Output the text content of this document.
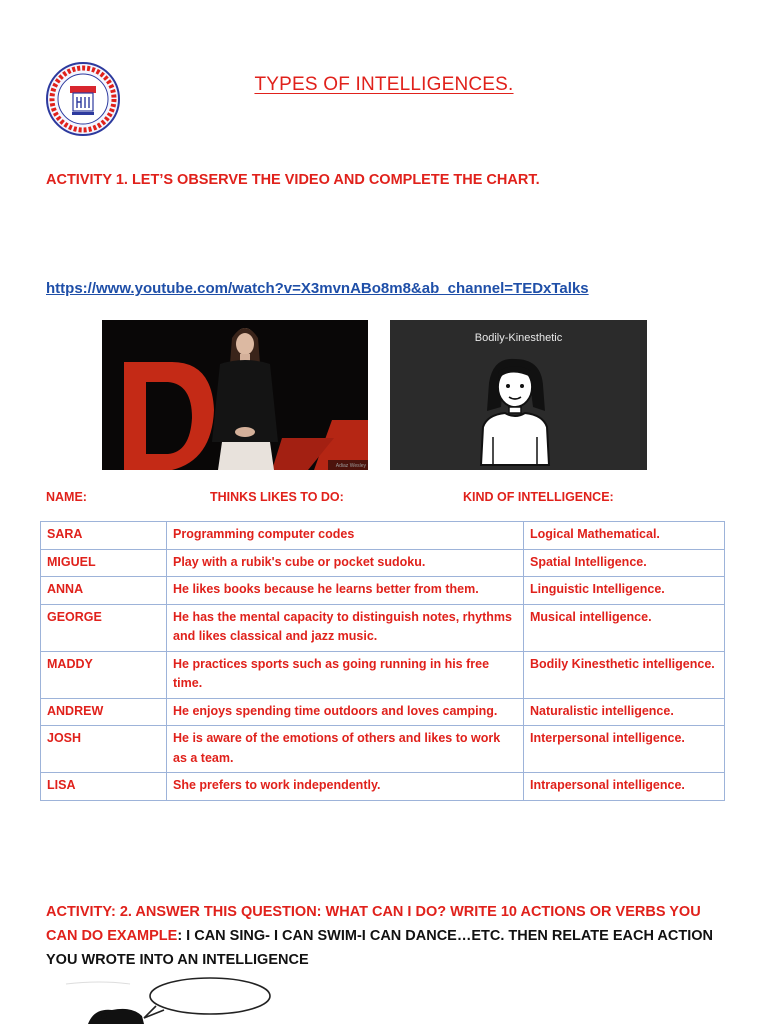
TYPES OF INTELLIGENCES.
ACTIVITY 1. LET’S OBSERVE THE VIDEO AND COMPLETE THE CHART.
https://www.youtube.com/watch?v=X3mvnABo8m8&ab_channel=TEDxTalks
Adiaz Wesley
Bodily-Kinesthetic
NAME:	THINKS LIKES TO DO:	KIND OF INTELLIGENCE:
SARA	Programming computer codes	Logical Mathematical.
MIGUEL	Play with a rubik's cube or pocket sudoku.	Spatial Intelligence.
ANNA	He likes books because he learns better from them.	Linguistic Intelligence.
GEORGE	He has the mental capacity to distinguish notes, rhythms and likes classical and jazz music.	Musical intelligence.
MADDY	He practices sports such as going running in his free time.	Bodily Kinesthetic intelligence.
ANDREW	He enjoys spending time outdoors and loves camping.	Naturalistic intelligence.
JOSH	He is aware of the emotions of others and likes to work as a team.	Interpersonal intelligence.
LISA	She prefers to work independently.	Intrapersonal intelligence.
ACTIVITY: 2. ANSWER THIS QUESTION: WHAT CAN I DO? WRITE 10 ACTIONS OR VERBS YOU CAN DO EXAMPLE: I CAN SING- I CAN SWIM-I CAN DANCE…ETC. THEN RELATE EACH ACTION YOU WROTE INTO AN INTELLIGENCE
